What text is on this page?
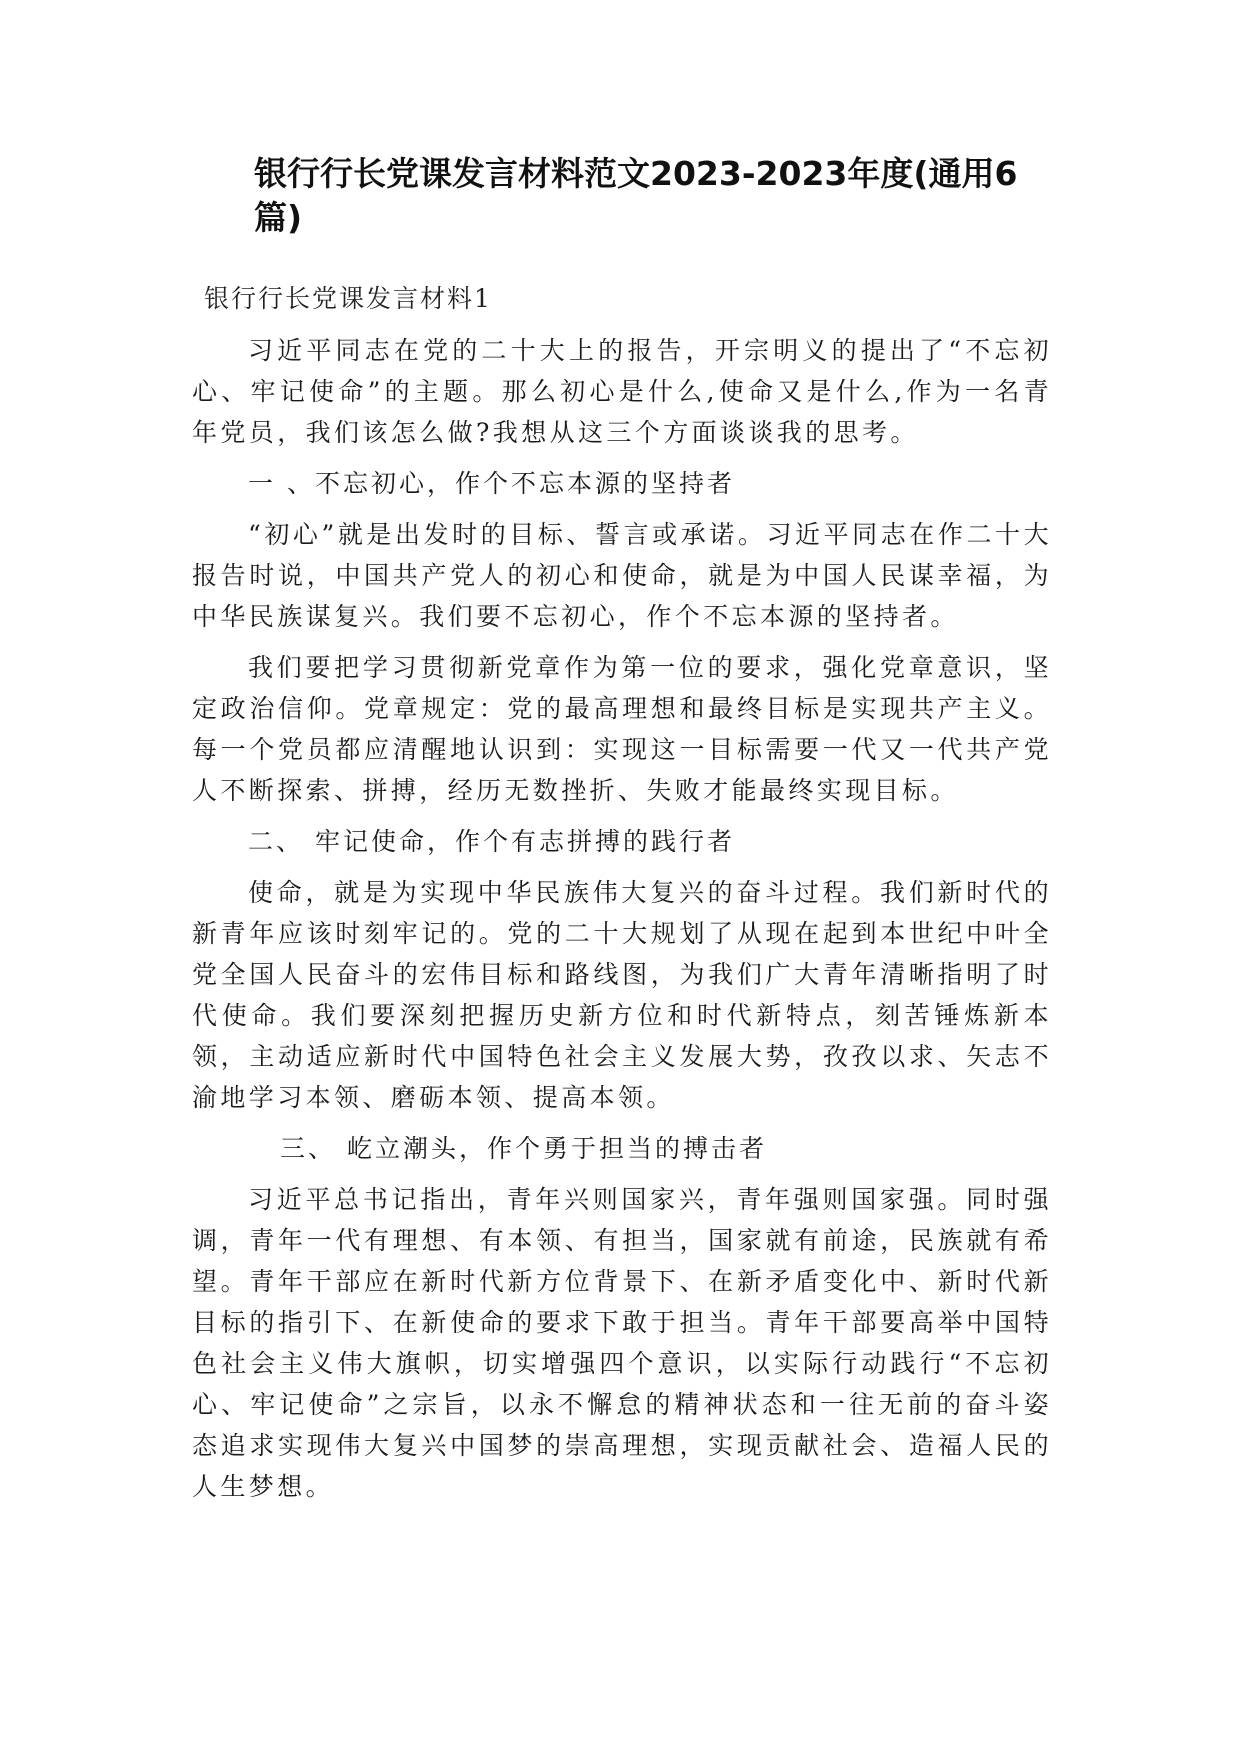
银行行长党课发言材料范文2023-2023年度(通用6篇)

银行行长党课发言材料1

习近平同志在党的二十大上的报告，开宗明义的提出了“不忘初心、牢记使命”的主题。那么初心是什么,使命又是什么,作为一名青年党员，我们该怎么做?我想从这三个方面谈谈我的思考。

一 、不忘初心，作个不忘本源的坚持者

“初心”就是出发时的目标、誓言或承诺。习近平同志在作二十大报告时说，中国共产党人的初心和使命，就是为中国人民谋幸福，为中华民族谋复兴。我们要不忘初心，作个不忘本源的坚持者。

我们要把学习贯彻新党章作为第一位的要求，强化党章意识，坚定政治信仰。党章规定：党的最高理想和最终目标是实现共产主义。每一个党员都应清醒地认识到：实现这一目标需要一代又一代共产党人不断探索、拼搏，经历无数挫折、失败才能最终实现目标。

二、 牢记使命，作个有志拼搏的践行者

使命，就是为实现中华民族伟大复兴的奋斗过程。我们新时代的新青年应该时刻牢记的。党的二十大规划了从现在起到本世纪中叶全党全国人民奋斗的宏伟目标和路线图，为我们广大青年清晰指明了时代使命。我们要深刻把握历史新方位和时代新特点，刻苦锤炼新本领，主动适应新时代中国特色社会主义发展大势，孜孜以求、矢志不渝地学习本领、磨砺本领、提高本领。

三、 屹立潮头，作个勇于担当的搏击者

习近平总书记指出，青年兴则国家兴，青年强则国家强。同时强调，青年一代有理想、有本领、有担当，国家就有前途，民族就有希望。青年干部应在新时代新方位背景下、在新矛盾变化中、新时代新目标的指引下、在新使命的要求下敢于担当。青年干部要高举中国特色社会主义伟大旗帜，切实增强四个意识，以实际行动践行“不忘初心、牢记使命”之宗旨，以永不懈怠的精神状态和一往无前的奋斗姿态追求实现伟大复兴中国梦的崇高理想，实现贡献社会、造福人民的人生梦想。
